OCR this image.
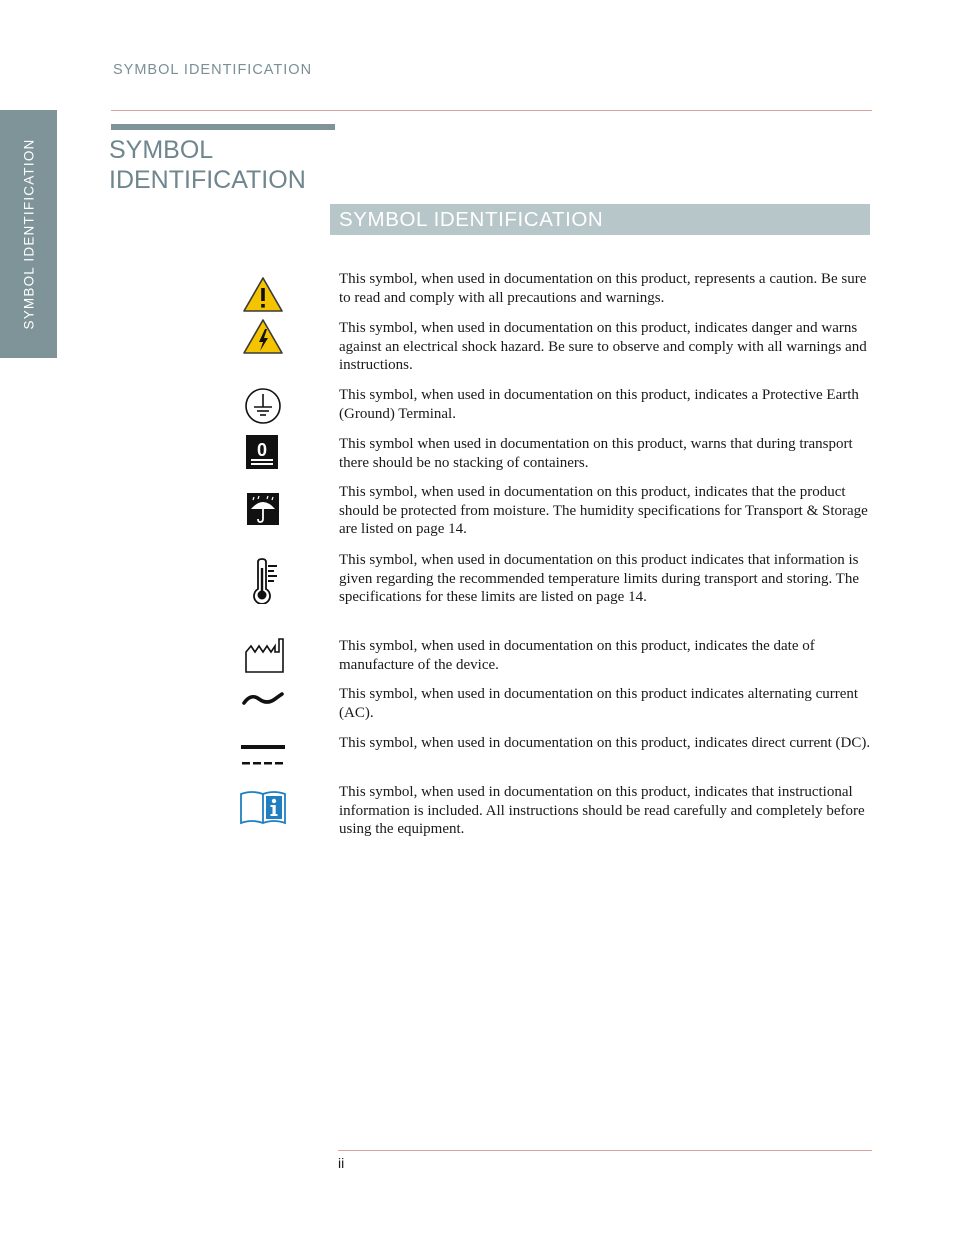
SYMBOL IDENTIFICATION
SYMBOL IDENTIFICATION	SYMBOL IDENTIFICATION
SYMBOL IDENTIFICATION

This symbol, when used in documentation on this product, represents a caution. Be sure to read and comply with all precautions and warnings.

This symbol, when used in documentation on this product, indicates danger and warns against an electrical shock hazard. Be sure to observe and comply with all warnings and instructions.

This symbol, when used in documentation on this product, indicates a Protective Earth (Ground) Terminal.

0	This symbol when used in documentation on this product, warns that during transport there should be no stacking of containers.

This symbol, when used in documentation on this product, indicates that the product should be protected from moisture. The humidity specifications for Transport & Storage are listed on page 14.

This symbol, when used in documentation on this product indicates that information is given regarding the recommended temperature limits during transport and storing. The specifications for these limits are listed on page 14.

This symbol, when used in documentation on this product, indicates the date of manufacture of the device.

This symbol, when used in documentation on this product indicates alternating current (AC).

This symbol, when used in documentation on this product, indicates direct current (DC).

This symbol, when used in documentation on this product, indicates that instructional information is included. All instructions should be read carefully and completely before using the equipment.

ii
